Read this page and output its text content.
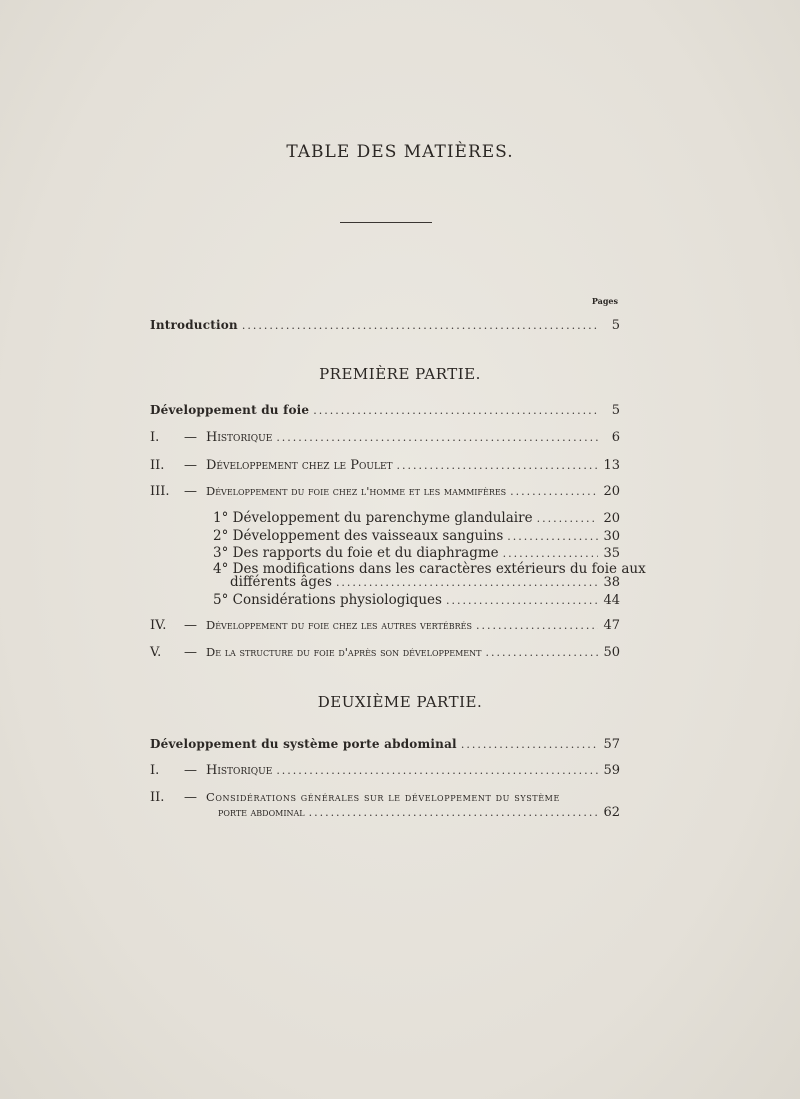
TABLE DES MATIÈRES.
Pages
Introduction .....	5
PREMIÈRE PARTIE.
Développement du foie .....	5
I.	— Historique .....	6
II.	— Développement chez le Poulet .....	13
III.	— Développement du foie chez l'homme et les mammifères .....	20
1° Développement du parenchyme glandulaire .....	20
2° Développement des vaisseaux sanguins .....	30
3° Des rapports du foie et du diaphragme .....	35
4° Des modifications dans les caractères extérieurs du foie aux
différents âges .....	38
5° Considérations physiologiques .....	44
IV.	— Développement du foie chez les autres vertébrés .....	47
V.	— De la structure du foie d'après son développement .....	50
DEUXIÈME PARTIE.
Développement du système porte abdominal .....	57
I.	— Historique .....	59
II.	— Considérations générales sur le développement du système
porte abdominal .....	62
